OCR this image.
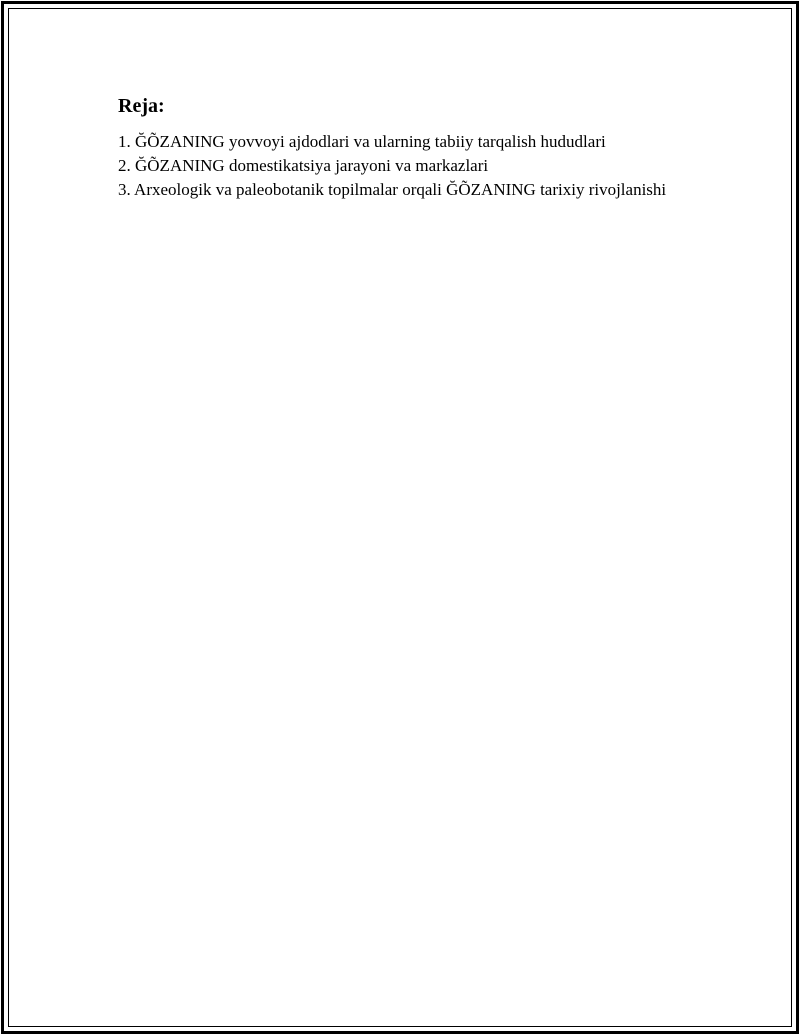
Reja:

1. ĞÕZANING yovvoyi ajdodlari va ularning tabiiy tarqalish hududlari

2. ĞÕZANING domestikatsiya jarayoni va markazlari

3. Arxeologik va paleobotanik topilmalar orqali ĞÕZANING tarixiy rivojlanishi
